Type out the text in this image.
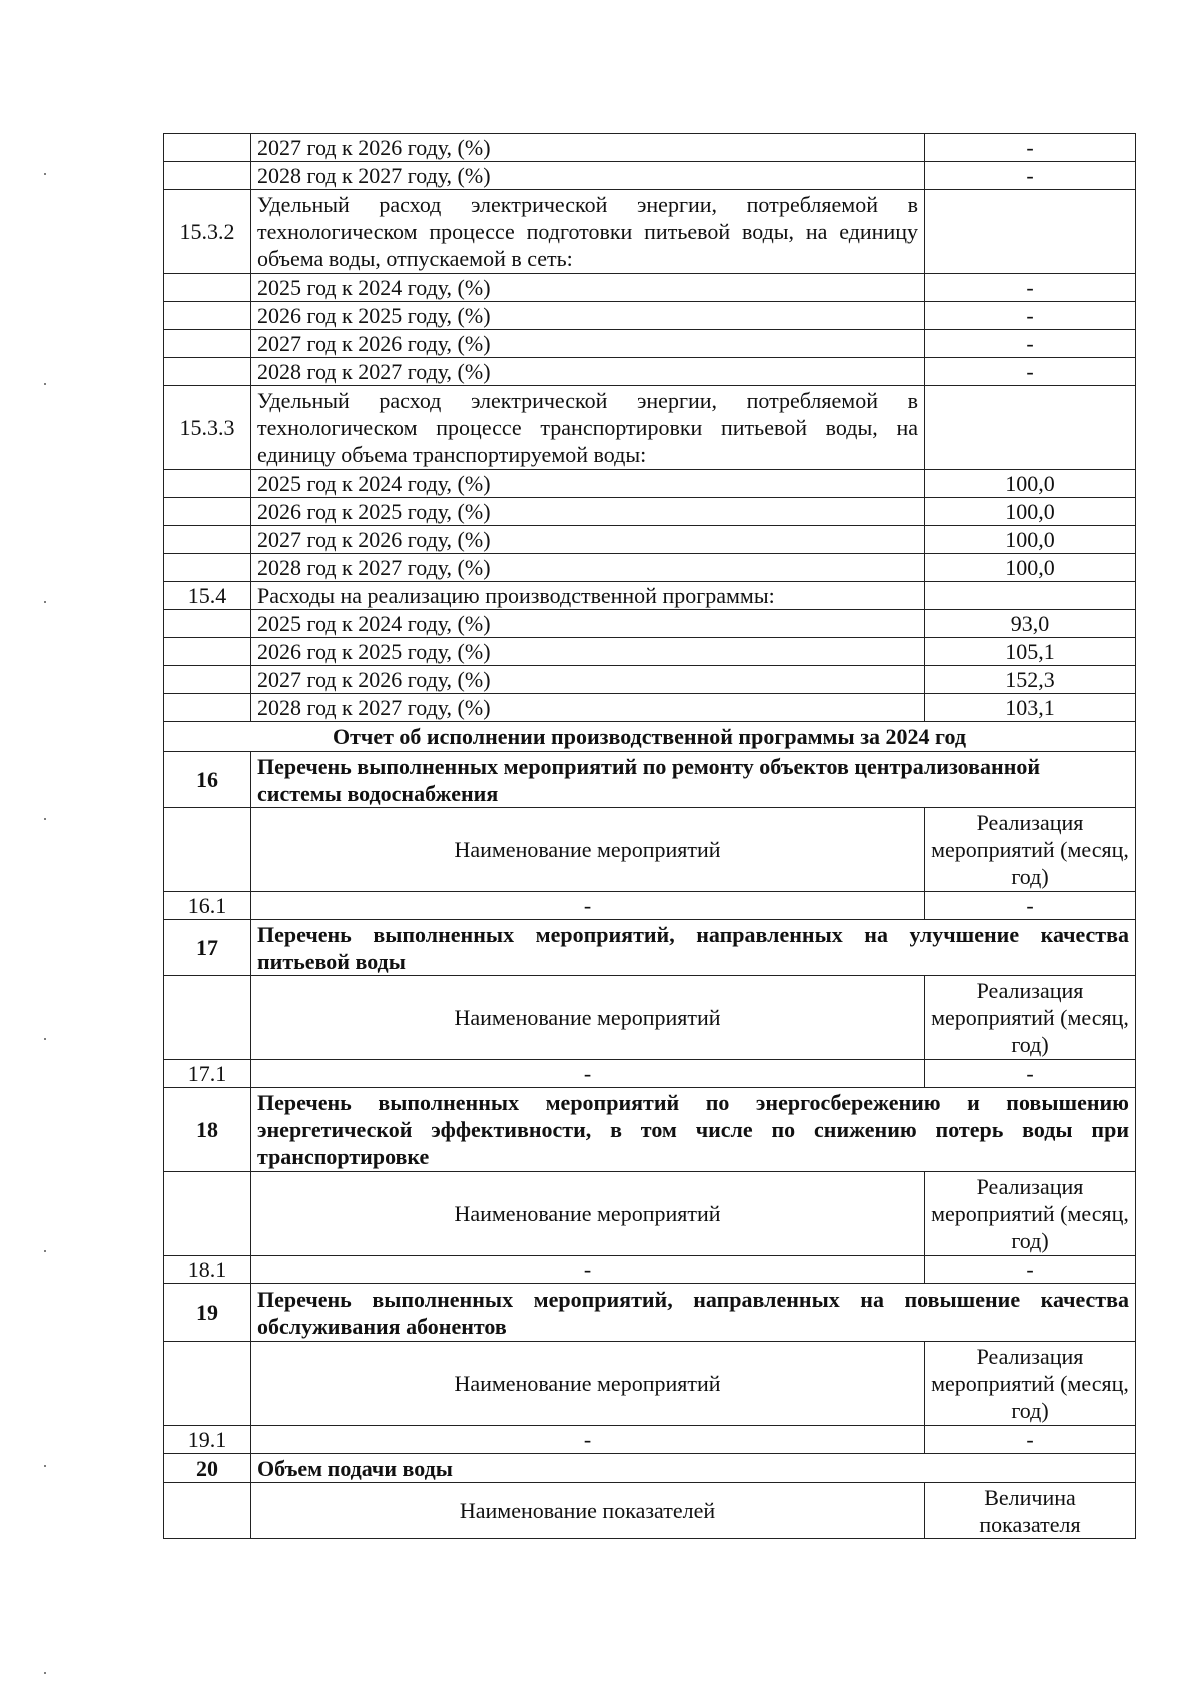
	2027 год к 2026 году, (%)	-
	2028 год к 2027 году, (%)	-
15.3.2	Удельный расход электрической энергии, потребляемой в технологическом процессе подготовки питьевой воды, на единицу объема воды, отпускаемой в сеть:	
	2025 год к 2024 году, (%)	-
	2026 год к 2025 году, (%)	-
	2027 год к 2026 году, (%)	-
	2028 год к 2027 году, (%)	-
15.3.3	Удельный расход электрической энергии, потребляемой в технологическом процессе транспортировки питьевой воды, на единицу объема транспортируемой воды:	
	2025 год к 2024 году, (%)	100,0
	2026 год к 2025 году, (%)	100,0
	2027 год к 2026 году, (%)	100,0
	2028 год к 2027 году, (%)	100,0
15.4	Расходы на реализацию производственной программы:	
	2025 год к 2024 году, (%)	93,0
	2026 год к 2025 году, (%)	105,1
	2027 год к 2026 году, (%)	152,3
	2028 год к 2027 году, (%)	103,1
Отчет об исполнении производственной программы за 2024 год		
16	Перечень выполненных мероприятий по ремонту объектов централизованной системы водоснабжения	
	Наименование мероприятий	Реализация мероприятий (месяц, год)
16.1	-	-
17	Перечень выполненных мероприятий, направленных на улучшение качества питьевой воды	
	Наименование мероприятий	Реализация мероприятий (месяц, год)
17.1	-	-
18	Перечень выполненных мероприятий по энергосбережению и повышению энергетической эффективности, в том числе по снижению потерь воды при транспортировке	
	Наименование мероприятий	Реализация мероприятий (месяц, год)
18.1	-	-
19	Перечень выполненных мероприятий, направленных на повышение качества обслуживания абонентов	
	Наименование мероприятий	Реализация мероприятий (месяц, год)
19.1	-	-
20	Объем подачи воды	
	Наименование показателей	Величина показателя
